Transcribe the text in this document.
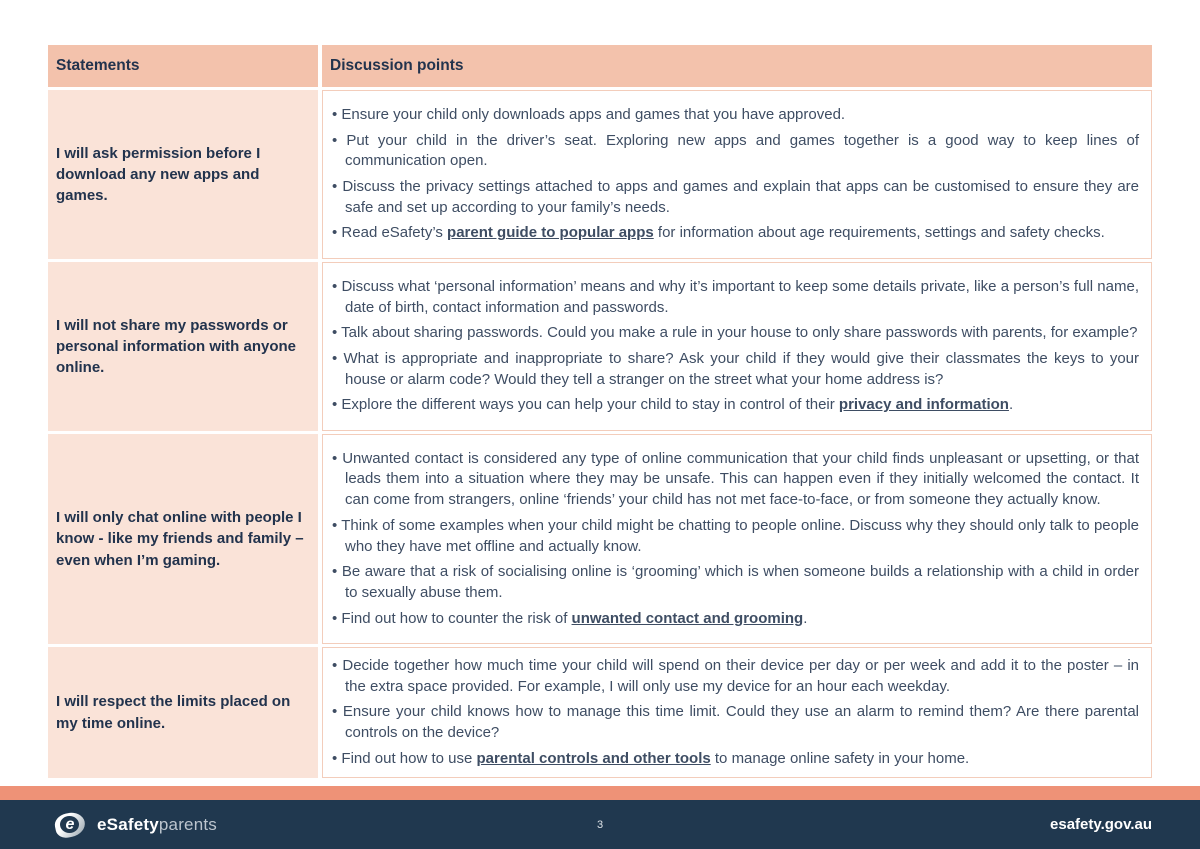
Statements	Discussion points
I will ask permission before I download any new apps and games.
• Ensure your child only downloads apps and games that you have approved.
• Put your child in the driver’s seat. Exploring new apps and games together is a good way to keep lines of communication open.
• Discuss the privacy settings attached to apps and games and explain that apps can be customised to ensure they are safe and set up according to your family’s needs.
• Read eSafety’s parent guide to popular apps for information about age requirements, settings and safety checks.
I will not share my passwords or personal information with anyone online.
• Discuss what ‘personal information’ means and why it’s important to keep some details private, like a person’s full name, date of birth, contact information and passwords.
• Talk about sharing passwords. Could you make a rule in your house to only share passwords with parents, for example?
• What is appropriate and inappropriate to share? Ask your child if they would give their classmates the keys to your house or alarm code? Would they tell a stranger on the street what your home address is?
• Explore the different ways you can help your child to stay in control of their privacy and information.
I will only chat online with people I know - like my friends and family – even when I’m gaming.
• Unwanted contact is considered any type of online communication that your child finds unpleasant or upsetting, or that leads them into a situation where they may be unsafe. This can happen even if they initially welcomed the contact. It can come from strangers, online ‘friends’ your child has not met face-to-face, or from someone they actually know.
• Think of some examples when your child might be chatting to people online. Discuss why they should only talk to people who they have met offline and actually know.
• Be aware that a risk of socialising online is ‘grooming’ which is when someone builds a relationship with a child in order to sexually abuse them.
• Find out how to counter the risk of unwanted contact and grooming.
I will respect the limits placed on my time online.
• Decide together how much time your child will spend on their device per day or per week and add it to the poster – in the extra space provided. For example, I will only use my device for an hour each weekday.
• Ensure your child knows how to manage this time limit. Could they use an alarm to remind them? Are there parental controls on the device?
• Find out how to use parental controls and other tools to manage online safety in your home.
e	eSafetyparents	3	esafety.gov.au
